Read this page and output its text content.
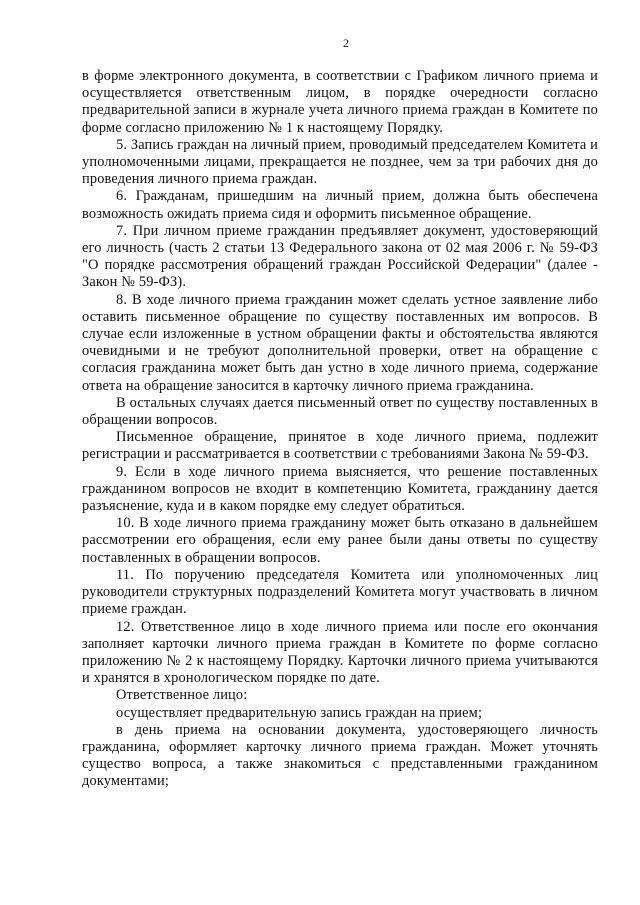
2

в форме электронного документа, в соответствии с Графиком личного приема и осуществляется ответственным лицом, в порядке очередности согласно предварительной записи в журнале учета личного приема граждан в Комитете по форме согласно приложению № 1 к настоящему Порядку.

5. Запись граждан на личный прием, проводимый председателем Комитета и уполномоченными лицами, прекращается не позднее, чем за три рабочих дня до проведения личного приема граждан.

6. Гражданам, пришедшим на личный прием, должна быть обеспечена возможность ожидать приема сидя и оформить письменное обращение.

7. При личном приеме гражданин предъявляет документ, удостоверяющий его личность (часть 2 статьи 13 Федерального закона от 02 мая 2006 г. № 59-ФЗ "О порядке рассмотрения обращений граждан Российской Федерации" (далее - Закон № 59-ФЗ).

8. В ходе личного приема гражданин может сделать устное заявление либо оставить письменное обращение по существу поставленных им вопросов. В случае если изложенные в устном обращении факты и обстоятельства являются очевидными и не требуют дополнительной проверки, ответ на обращение с согласия гражданина может быть дан устно в ходе личного приема, содержание ответа на обращение заносится в карточку личного приема гражданина.

В остальных случаях дается письменный ответ по существу поставленных в обращении вопросов.

Письменное обращение, принятое в ходе личного приема, подлежит регистрации и рассматривается в соответствии с требованиями Закона № 59-ФЗ.

9. Если в ходе личного приема выясняется, что решение поставленных гражданином вопросов не входит в компетенцию Комитета, гражданину дается разъяснение, куда и в каком порядке ему следует обратиться.

10. В ходе личного приема гражданину может быть отказано в дальнейшем рассмотрении его обращения, если ему ранее были даны ответы по существу поставленных в обращении вопросов.

11. По поручению председателя Комитета или уполномоченных лиц руководители структурных подразделений Комитета могут участвовать в личном приеме граждан.

12. Ответственное лицо в ходе личного приема или после его окончания заполняет карточки личного приема граждан в Комитете по форме согласно приложению № 2 к настоящему Порядку. Карточки личного приема учитываются и хранятся в хронологическом порядке по дате.

Ответственное лицо:

осуществляет предварительную запись граждан на прием;

в день приема на основании документа, удостоверяющего личность гражданина, оформляет карточку личного приема граждан. Может уточнять существо вопроса, а также знакомиться с представленными гражданином документами;
